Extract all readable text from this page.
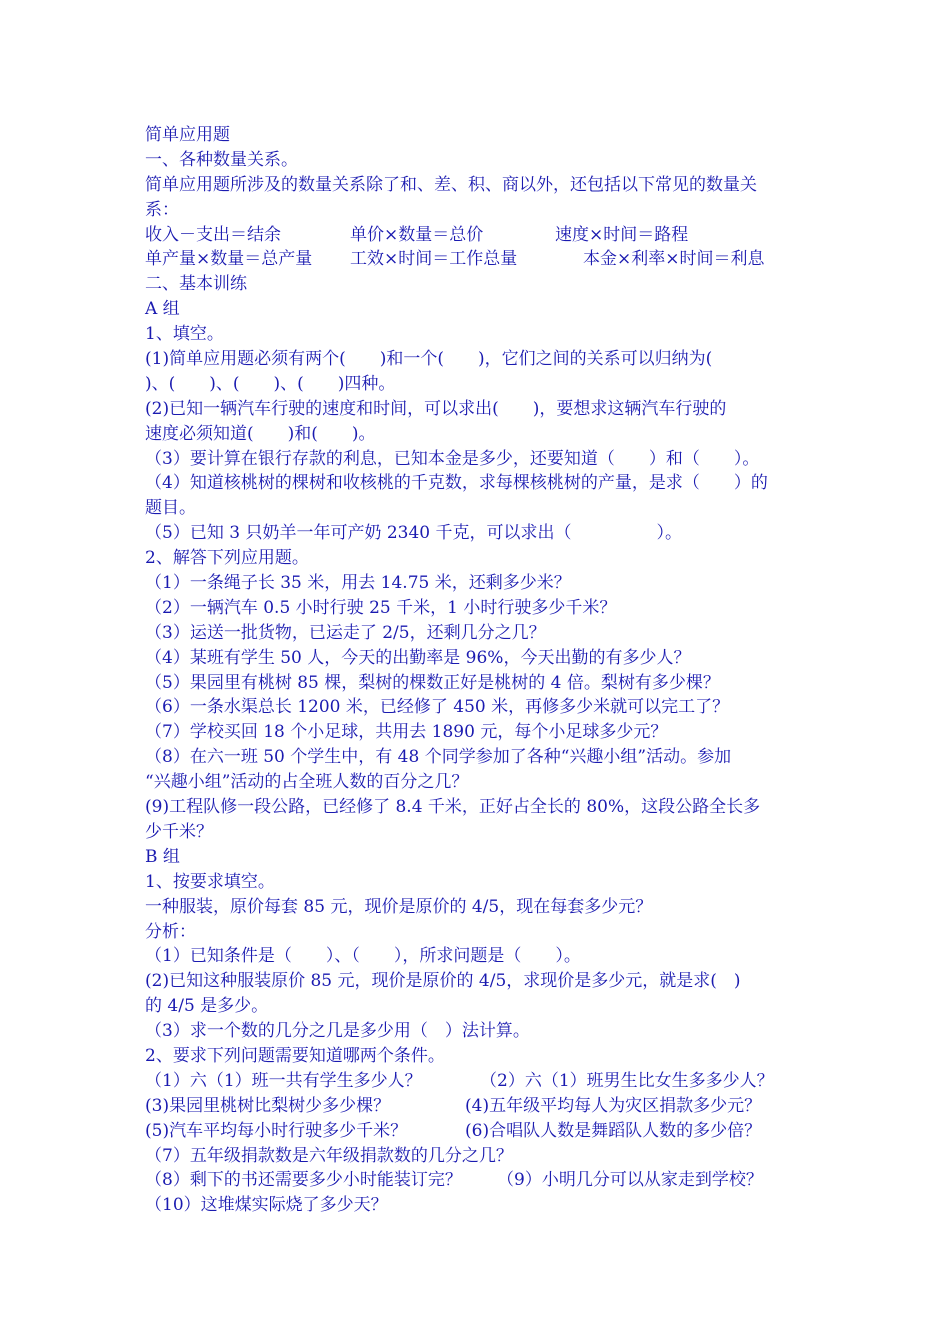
简单应用题
一、各种数量关系。
简单应用题所涉及的数量关系除了和、差、积、商以外，还包括以下常见的数量关
系：
收入－支出＝结余	单价×数量＝总价	速度×时间＝路程
单产量×数量＝总产量	工效×时间＝工作总量	本金×利率×时间＝利息
二、基本训练
A 组
1、填空。
(1)简单应用题必须有两个(　　)和一个(　　)，它们之间的关系可以归纳为(
)、(　　)、(　　)、(　　)四种。
(2)已知一辆汽车行驶的速度和时间，可以求出(　　)，要想求这辆汽车行驶的
速度必须知道(　　)和(　　)。
（3）要计算在银行存款的利息，已知本金是多少，还要知道（　　）和（　　）。
（4）知道核桃树的棵树和收核桃的千克数，求每棵核桃树的产量，是求（　　）的
题目。
（5）已知 3 只奶羊一年可产奶 2340 千克，可以求出（　　　　　）。
2、解答下列应用题。
（1）一条绳子长 35 米，用去 14.75 米，还剩多少米？
（2）一辆汽车 0.5 小时行驶 25 千米，1 小时行驶多少千米？
（3）运送一批货物，已运走了 2/5，还剩几分之几？
（4）某班有学生 50 人，今天的出勤率是 96%，今天出勤的有多少人？
（5）果园里有桃树 85 棵，梨树的棵数正好是桃树的 4 倍。梨树有多少棵？
（6）一条水渠总长 1200 米，已经修了 450 米，再修多少米就可以完工了？
（7）学校买回 18 个小足球，共用去 1890 元，每个小足球多少元？
（8）在六一班 50 个学生中，有 48 个同学参加了各种“兴趣小组”活动。参加
“兴趣小组”活动的占全班人数的百分之几？
(9)工程队修一段公路，已经修了 8.4 千米，正好占全长的 80%，这段公路全长多
少千米？
B 组
1、按要求填空。
一种服装，原价每套 85 元，现价是原价的 4/5，现在每套多少元？
分析：
（1）已知条件是（　　）、（　　），所求问题是（　　）。
(2)已知这种服装原价 85 元，现价是原价的 4/5，求现价是多少元，就是求(　)
的 4/5 是多少。
（3）求一个数的几分之几是多少用（　）法计算。
2、要求下列问题需要知道哪两个条件。
（1）六（1）班一共有学生多少人？	（2）六（1）班男生比女生多多少人？
(3)果园里桃树比梨树少多少棵？	(4)五年级平均每人为灾区捐款多少元？
(5)汽车平均每小时行驶多少千米？	(6)合唱队人数是舞蹈队人数的多少倍？
（7）五年级捐款数是六年级捐款数的几分之几？
（8）剩下的书还需要多少小时能装订完？	（9）小明几分可以从家走到学校？
（10）这堆煤实际烧了多少天？
